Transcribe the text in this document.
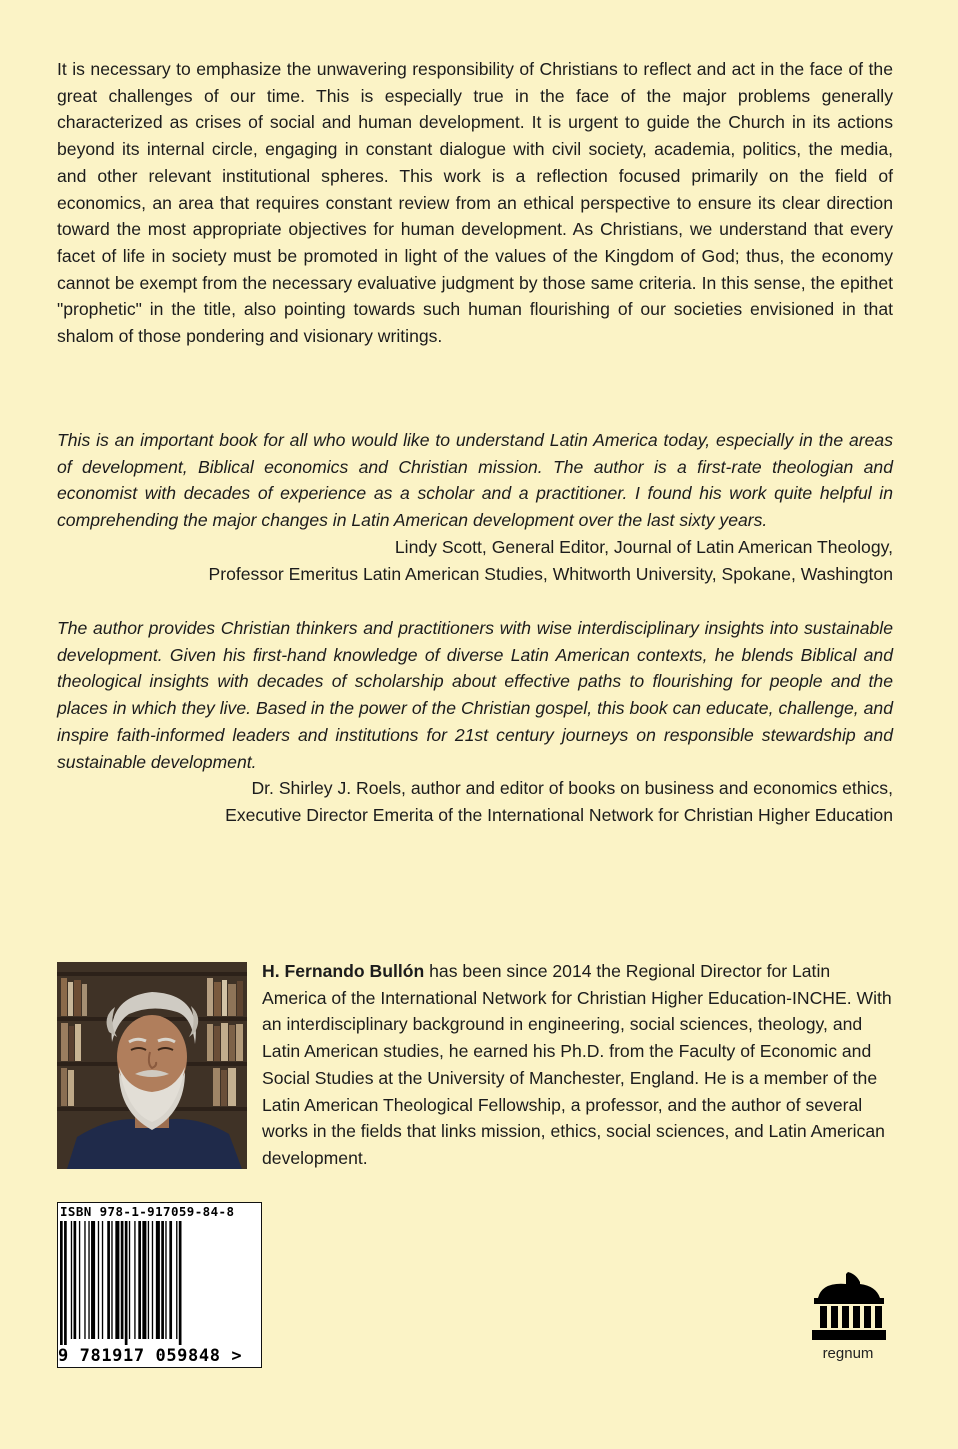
It is necessary to emphasize the unwavering responsibility of Christians to reflect and act in the face of the great challenges of our time. This is especially true in the face of the major problems generally characterized as crises of social and human development. It is urgent to guide the Church in its actions beyond its internal circle, engaging in constant dialogue with civil society, academia, politics, the media, and other relevant institutional spheres. This work is a reflection focused primarily on the field of economics, an area that requires constant review from an ethical perspective to ensure its clear direction toward the most appropriate objectives for human development. As Christians, we understand that every facet of life in society must be promoted in light of the values of the Kingdom of God; thus, the economy cannot be exempt from the necessary evaluative judgment by those same criteria. In this sense, the epithet "prophetic" in the title, also pointing towards such human flourishing of our societies envisioned in that shalom of those pondering and visionary writings.

This is an important book for all who would like to understand Latin America today, especially in the areas of development, Biblical economics and Christian mission. The author is a first-rate theologian and economist with decades of experience as a scholar and a practitioner. I found his work quite helpful in comprehending the major changes in Latin American development over the last sixty years.

Lindy Scott, General Editor, Journal of Latin American Theology,

Professor Emeritus Latin American Studies, Whitworth University, Spokane, Washington

The author provides Christian thinkers and practitioners with wise interdisciplinary insights into sustainable development. Given his first-hand knowledge of diverse Latin American contexts, he blends Biblical and theological insights with decades of scholarship about effective paths to flourishing for people and the places in which they live. Based in the power of the Christian gospel, this book can educate, challenge, and inspire faith-informed leaders and institutions for 21st century journeys on responsible stewardship and sustainable development.

Dr. Shirley J. Roels, author and editor of books on business and economics ethics,

Executive Director Emerita of the International Network for Christian Higher Education

H. Fernando Bullón has been since 2014 the Regional Director for Latin America of the International Network for Christian Higher Education-INCHE. With an interdisciplinary background in engineering, social sciences, theology, and Latin American studies, he earned his Ph.D. from the Faculty of Economic and Social Studies at the University of Manchester, England. He is a member of the Latin American Theological Fellowship, a professor, and the author of several works in the fields that links mission, ethics, social sciences, and Latin American development.

ISBN 978-1-917059-84-8
9 781917 059848 >	regnum
